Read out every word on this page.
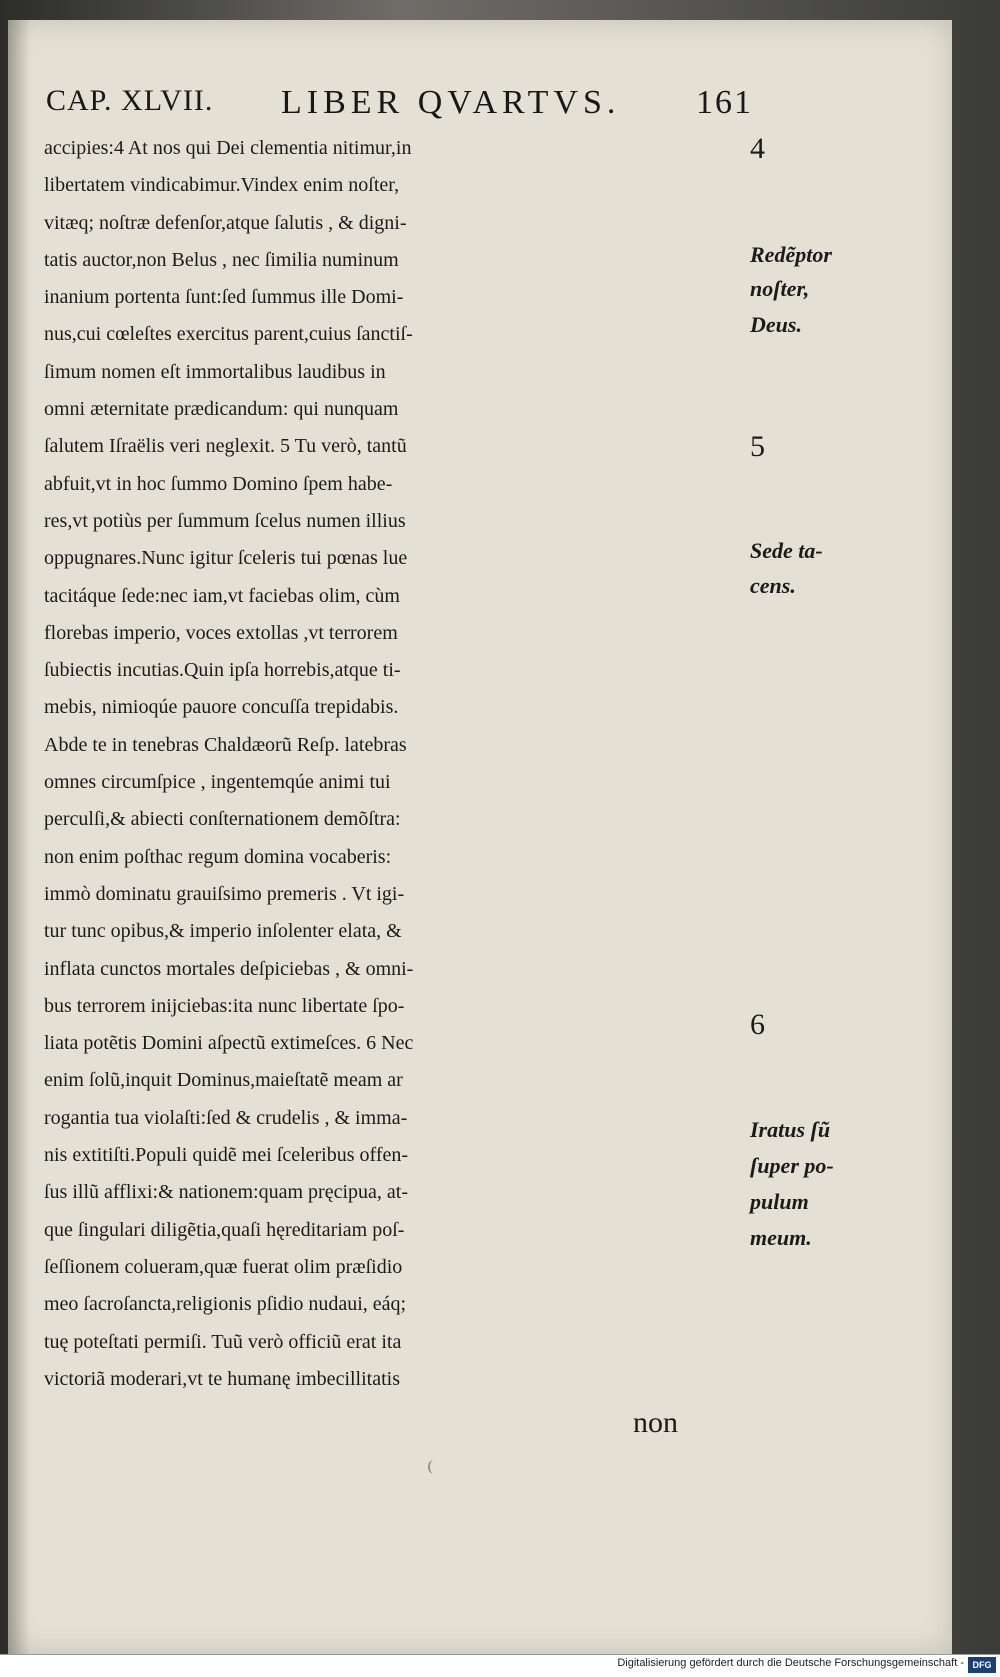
CAP. XLVII. LIBER QVARTVS. 161
accipies:4 At nos qui Dei clementia nitimur,in
libertatem vindicabimur.Vindex enim noſter,
vitæq; noſtræ defenſor,atque ſalutis , & digni-
tatis auctor,non Belus , nec ſimilia numinum
inanium portenta ſunt:ſed ſummus ille Domi-
nus,cui cœleſtes exercitus parent,cuius ſanctiſ-
ſimum nomen eſt immortalibus laudibus in
omni æternitate prædicandum: qui nunquam
ſalutem Iſraëlis veri neglexit. 5 Tu verò, tantũ
abfuit,vt in hoc ſummo Domino ſpem habe-
res,vt potiùs per ſummum ſcelus numen illius
oppugnares.Nunc igitur ſceleris tui pœnas lue
tacitáque ſede:nec iam,vt faciebas olim, cùm
florebas imperio, voces extollas ,vt terrorem
ſubiectis incutias.Quin ipſa horrebis,atque ti-
mebis, nimioqúe pauore concuſſa trepidabis.
Abde te in tenebras Chaldæorũ Reſp. latebras
omnes circumſpice , ingentemqúe animi tui
perculſi,& abiecti conſternationem demõſtra:
non enim poſthac regum domina vocaberis:
immò dominatu grauiſsimo premeris . Vt igi-
tur tunc opibus,& imperio inſolenter elata, &
inflata cunctos mortales deſpiciebas , & omni-
bus terrorem inijciebas:ita nunc libertate ſpo-
liata potẽtis Domini aſpectũ extimeſces. 6 Nec
enim ſolũ,inquit Dominus,maieſtatẽ meam ar
rogantia tua violaſti:ſed & crudelis , & imma-
nis extitiſti.Populi quidẽ mei ſceleribus offen-
ſus illũ afflixi:& nationem:quam pręcipua, at-
que ſingulari diligẽtia,quaſi hęreditariam poſ-
ſeſſionem colueram,quæ fuerat olim præſidio
meo ſacroſancta,religionis pſidio nudaui, eáq;
tuę poteſtati permiſi. Tuũ verò officiũ erat ita
victoriã moderari,vt te humanę imbecillitatis
4
Redẽptor
noſter,
Deus.
5
Sede ta-
cens.
6
Iratus ſũ
ſuper po-
pulum
meum.
non
Digitalisierung gefördert durch die Deutsche Forschungsgemeinschaft - DFG
